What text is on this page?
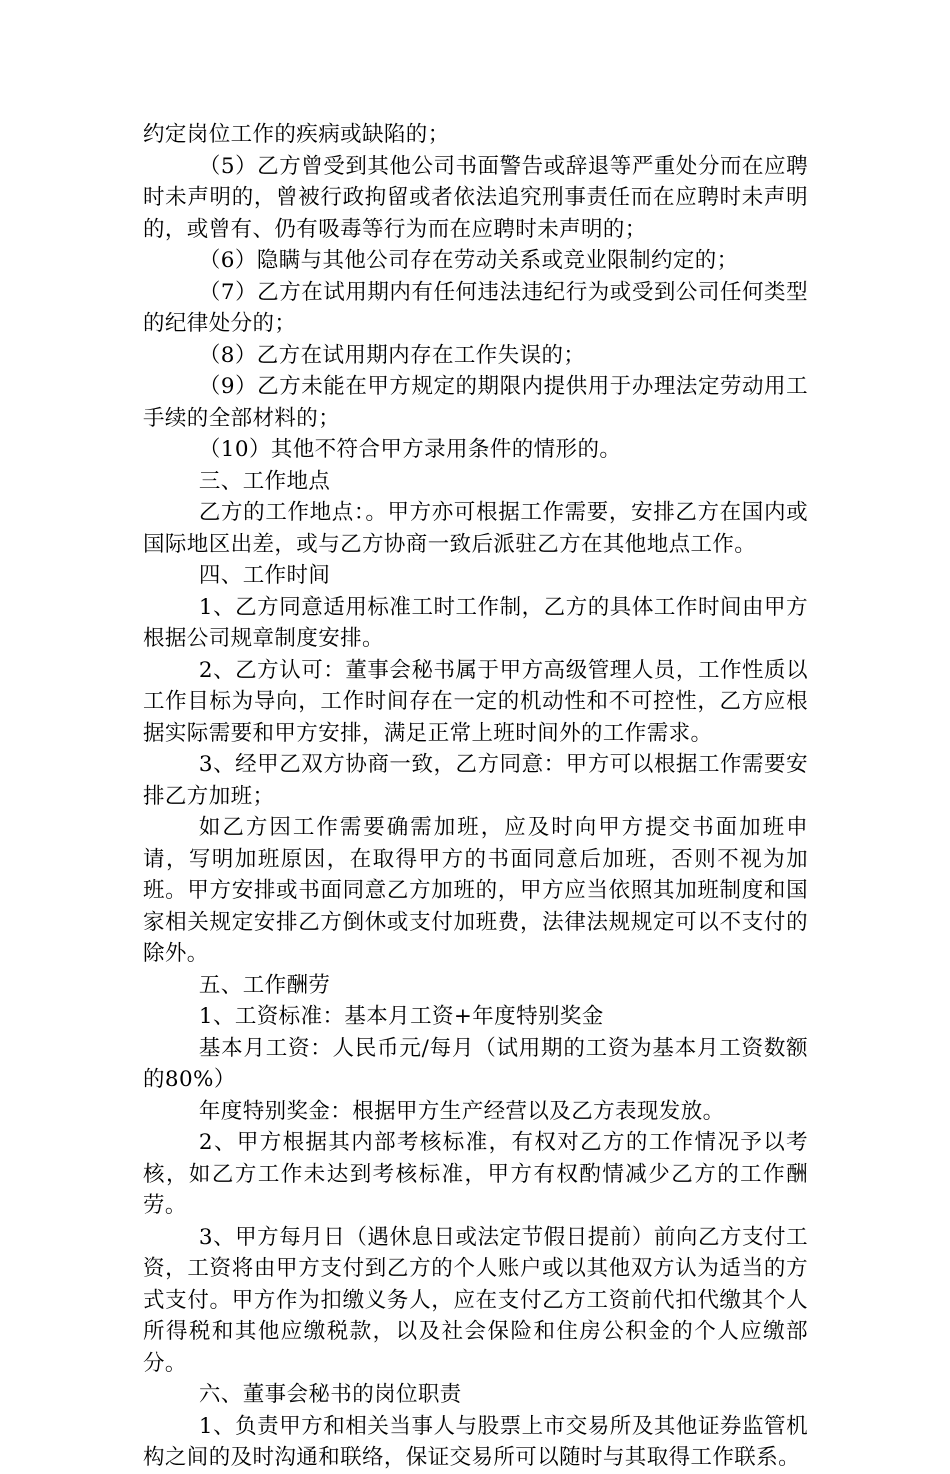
约定岗位工作的疾病或缺陷的；

（5）乙方曾受到其他公司书面警告或辞退等严重处分而在应聘时未声明的，曾被行政拘留或者依法追究刑事责任而在应聘时未声明的，或曾有、仍有吸毒等行为而在应聘时未声明的；

（6）隐瞒与其他公司存在劳动关系或竞业限制约定的；

（7）乙方在试用期内有任何违法违纪行为或受到公司任何类型的纪律处分的；

（8）乙方在试用期内存在工作失误的；

（9）乙方未能在甲方规定的期限内提供用于办理法定劳动用工手续的全部材料的；

（10）其他不符合甲方录用条件的情形的。

三、工作地点

乙方的工作地点：。甲方亦可根据工作需要，安排乙方在国内或国际地区出差，或与乙方协商一致后派驻乙方在其他地点工作。

四、工作时间

1、乙方同意适用标准工时工作制，乙方的具体工作时间由甲方根据公司规章制度安排。

2、乙方认可：董事会秘书属于甲方高级管理人员，工作性质以工作目标为导向，工作时间存在一定的机动性和不可控性，乙方应根据实际需要和甲方安排，满足正常上班时间外的工作需求。

3、经甲乙双方协商一致，乙方同意：甲方可以根据工作需要安排乙方加班；

如乙方因工作需要确需加班，应及时向甲方提交书面加班申请，写明加班原因，在取得甲方的书面同意后加班，否则不视为加班。甲方安排或书面同意乙方加班的，甲方应当依照其加班制度和国家相关规定安排乙方倒休或支付加班费，法律法规规定可以不支付的除外。

五、工作酬劳

1、工资标准：基本月工资+年度特别奖金

基本月工资：人民币元/每月（试用期的工资为基本月工资数额的80%）

年度特别奖金：根据甲方生产经营以及乙方表现发放。

2、甲方根据其内部考核标准，有权对乙方的工作情况予以考核，如乙方工作未达到考核标准，甲方有权酌情减少乙方的工作酬劳。

3、甲方每月日（遇休息日或法定节假日提前）前向乙方支付工资，工资将由甲方支付到乙方的个人账户或以其他双方认为适当的方式支付。甲方作为扣缴义务人，应在支付乙方工资前代扣代缴其个人所得税和其他应缴税款，以及社会保险和住房公积金的个人应缴部分。

六、董事会秘书的岗位职责

1、负责甲方和相关当事人与股票上市交易所及其他证券监管机构之间的及时沟通和联络，保证交易所可以随时与其取得工作联系。
